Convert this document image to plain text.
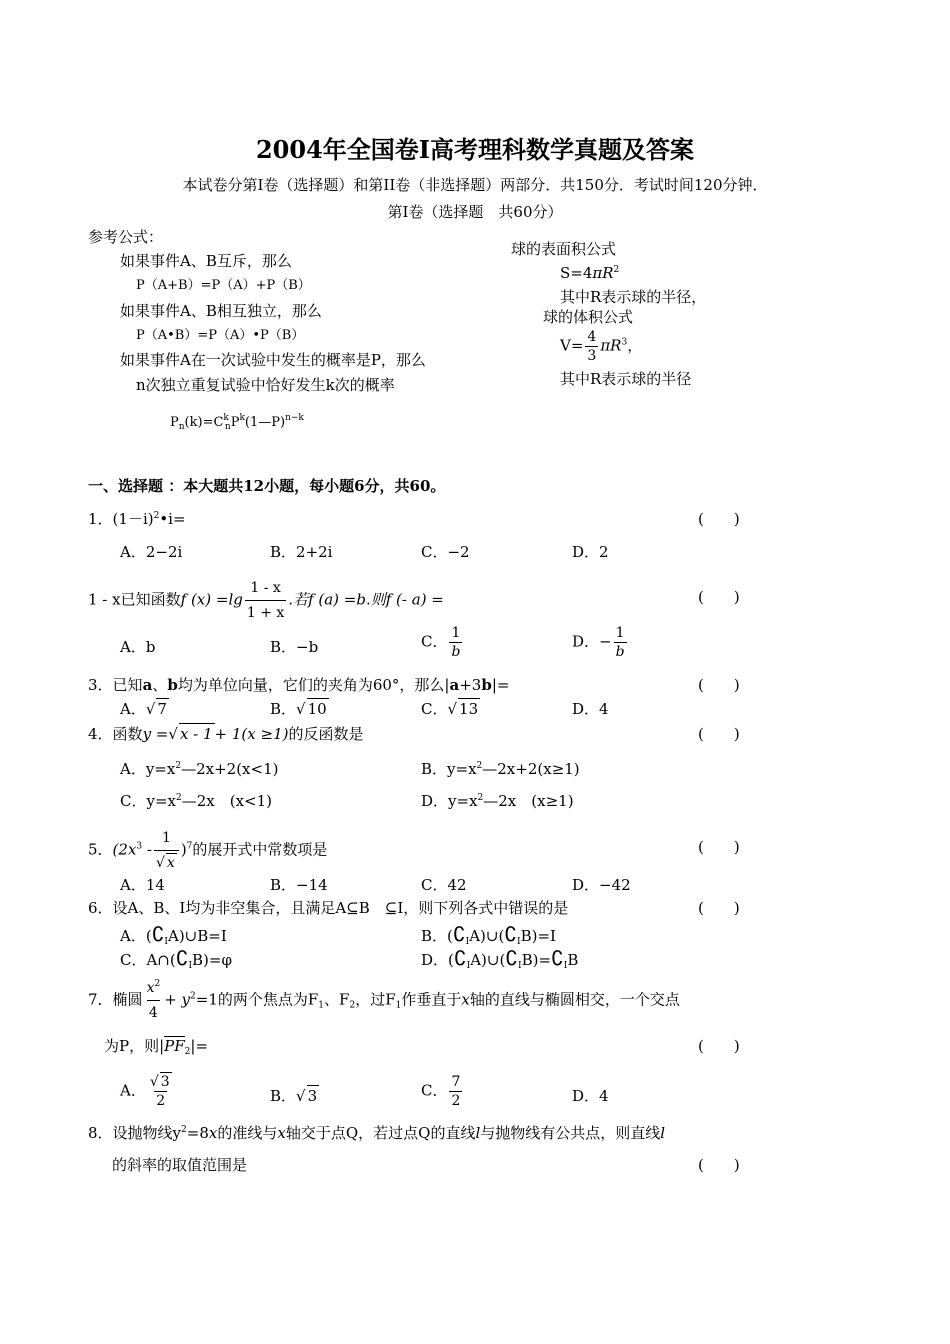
2004年全国卷I高考理科数学真题及答案
本试卷分第I卷（选择题）和第II卷（非选择题）两部分．共150分．考试时间120分钟．
第I卷（选择题　共60分）
参考公式：
如果事件A、B互斥，那么
P（A+B）=P（A）+P（B）
如果事件A、B相互独立，那么
P（A•B）=P（A）•P（B）
如果事件A在一次试验中发生的概率是P，那么
n次独立重复试验中恰好发生k次的概率
$P_n(k)=C^k_nP^k(1—P)^{n-k}$
球的表面积公式
$S=4\pi R^2$
其中R表示球的半径，
球的体积公式
$V= \frac{4}{3} \pi R^3$，
其中R表示球的半径
一、选择题 ：本大题共12小题，每小题6分，共60。
1．$(1-i)^2•i=$	(　　)
A．2−2i	B．2+2i	C．−2	D．2
1 - x已知函数f $(x) =\lg \frac{1 - x}{1 + x}$ .若f (a) =b.则f (- a) =	(　　)
A．b	B．−b	C． $\frac{1}{b}$	D．− $\frac{1}{b}$
3．已知a、b均为单位向量，它们的夹角为60°，那么|a+3b|=	(　　)
A．√ 7	B．√ 10	C．√ 13	D．4
4．函数y =√ x - 1 + 1(x ≥1)的反函数是	(　　)
A．$y=x^2—2x+2(x<1)$	B．$y=x^2—2x+2(x\ge 1)$
C．$y=x^2—2x$　(x<1)	D．$y=x^2—2x$　(x≥1)
5．$(2x^3 - \frac{1}{√ x} )^7$的展开式中常数项是	(　　)
A．14	B．−14	C．42	D．−42
6．设A、B、I均为非空集合，且满足A⊆B　⊆I，则下列各式中错误的是	(　　)
A．$(∁_IA)\cup B=I$	B．$(∁_IA)\cup(∁_IB)=I$
C．$A\cap(∁_IB)=\varphi$	D．$(∁_IA)\cup(∁_IB)=∁_IB$
7．椭圆 $\frac{x^2}{4} + y^2=1$的两个焦点为$F_1$、$F_2$，过$F_1$作垂直于x轴的直线与椭圆相交，一个交点
为P，则$|PF_2|=$	(　　)
A． $\frac{√ 3}{2}$	B．√ 3	C． $\frac{7}{2}$	D．4
8．设抛物线$y^2=8x$的准线与x轴交于点Q，若过点Q的直线l与抛物线有公共点，则直线l
的斜率的取值范围是	(　　)
